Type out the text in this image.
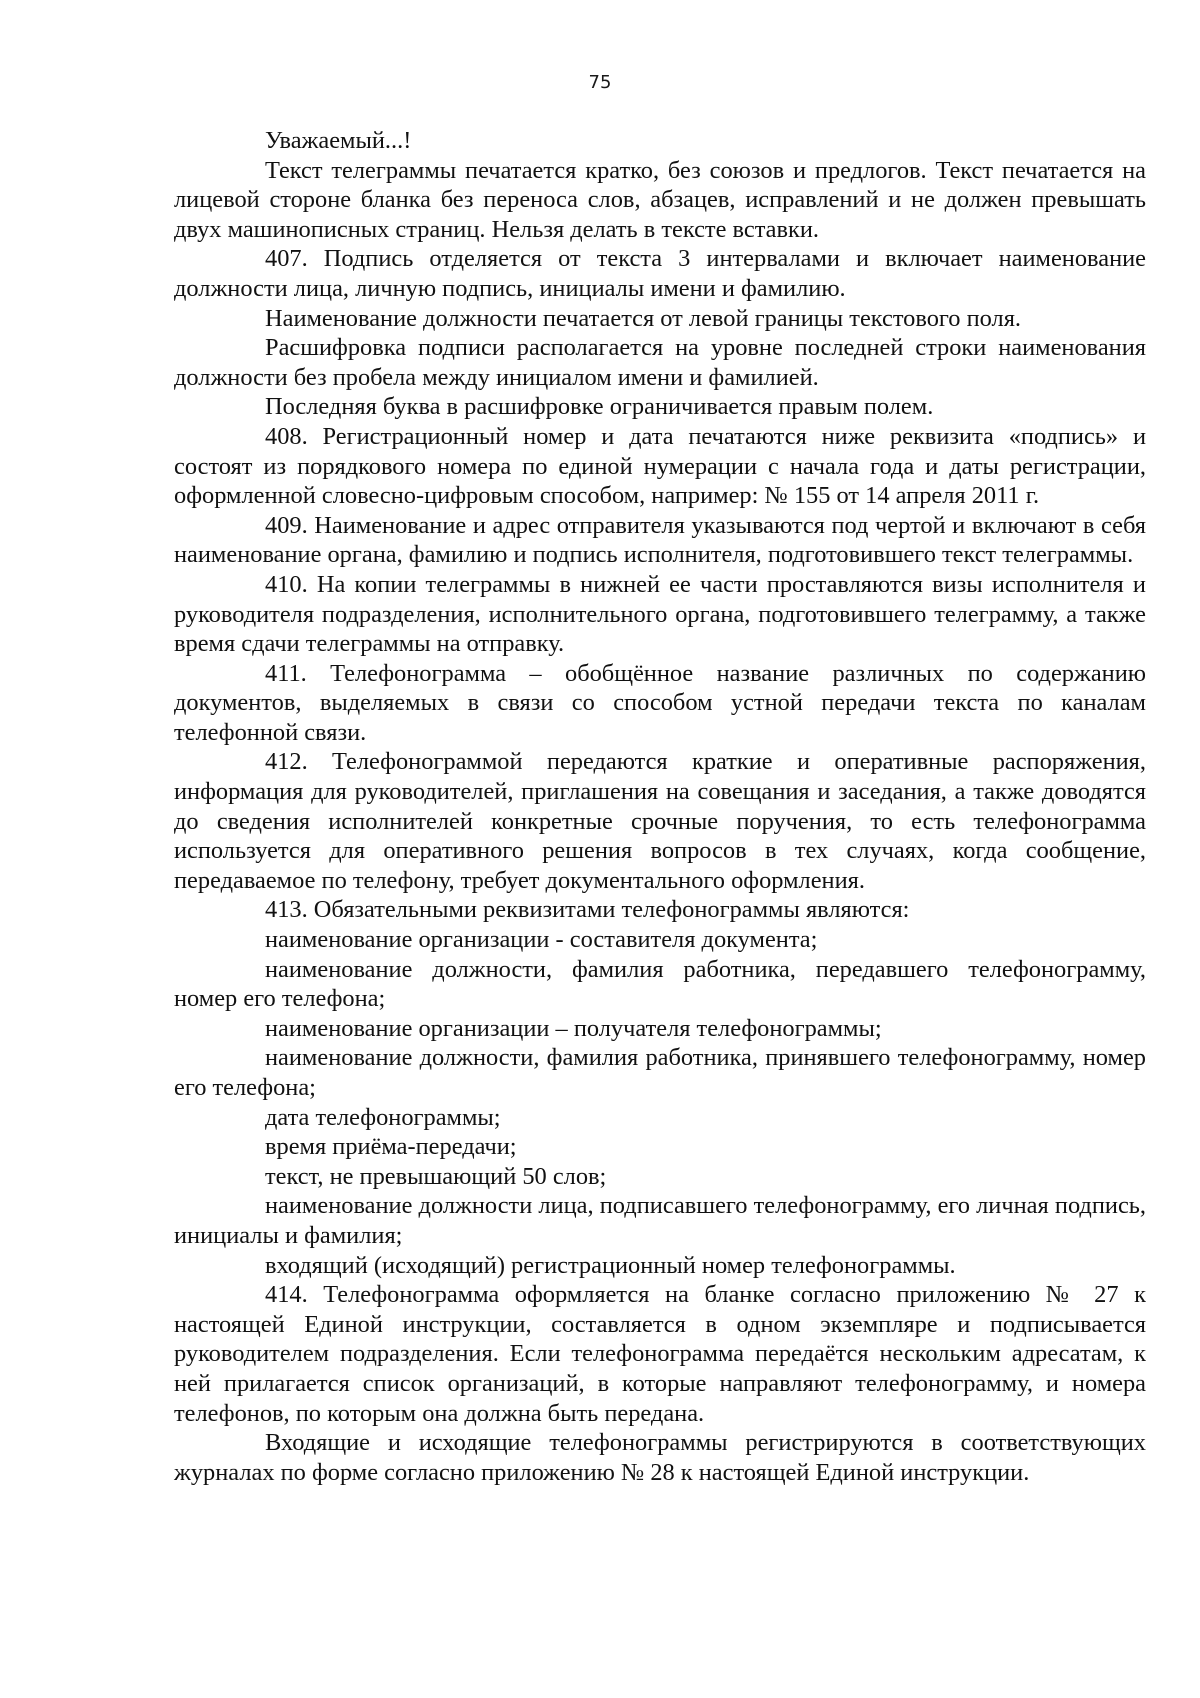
75

Уважаемый...!

Текст телеграммы печатается кратко, без союзов и предлогов. Текст печатается на лицевой стороне бланка без переноса слов, абзацев, исправлений и не должен превышать двух машинописных страниц. Нельзя делать в тексте вставки.

407. Подпись отделяется от текста 3 интервалами и включает наименование должности лица, личную подпись, инициалы имени и фамилию.

Наименование должности печатается от левой границы текстового поля.

Расшифровка подписи располагается на уровне последней строки наименования должности без пробела между инициалом имени и фамилией.

Последняя буква в расшифровке ограничивается правым полем.

408. Регистрационный номер и дата печатаются ниже реквизита «подпись» и состоят из порядкового номера по единой нумерации с начала года и даты регистрации, оформленной словесно-цифровым способом, например: № 155 от 14 апреля 2011 г.

409. Наименование и адрес отправителя указываются под чертой и включают в себя наименование органа, фамилию и подпись исполнителя, подготовившего текст телеграммы.

410. На копии телеграммы в нижней ее части проставляются визы исполнителя и руководителя подразделения, исполнительного органа, подготовившего телеграмму, а также время сдачи телеграммы на отправку.

411. Телефонограмма – обобщённое название различных по содержанию документов, выделяемых в связи со способом устной передачи текста по каналам телефонной связи.

412. Телефонограммой передаются краткие и оперативные распоряжения, информация для руководителей, приглашения на совещания и заседания, а также доводятся до сведения исполнителей конкретные срочные поручения, то есть телефонограмма используется для оперативного решения вопросов в тех случаях, когда сообщение, передаваемое по телефону, требует документального оформления.

413. Обязательными реквизитами телефонограммы являются:

наименование организации - составителя документа;

наименование должности, фамилия работника, передавшего телефонограмму, номер его телефона;

наименование организации – получателя телефонограммы;

наименование должности, фамилия работника, принявшего телефонограмму, номер его телефона;

дата телефонограммы;

время приёма-передачи;

текст, не превышающий 50 слов;

наименование должности лица, подписавшего телефонограмму, его личная подпись, инициалы и фамилия;

входящий (исходящий) регистрационный номер телефонограммы.

414. Телефонограмма оформляется на бланке согласно приложению № 27 к настоящей Единой инструкции, составляется в одном экземпляре и подписывается руководителем подразделения. Если телефонограмма передаётся нескольким адресатам, к ней прилагается список организаций, в которые направляют телефонограмму, и номера телефонов, по которым она должна быть передана.

Входящие и исходящие телефонограммы регистрируются в соответствующих журналах по форме согласно приложению № 28 к настоящей Единой инструкции.
